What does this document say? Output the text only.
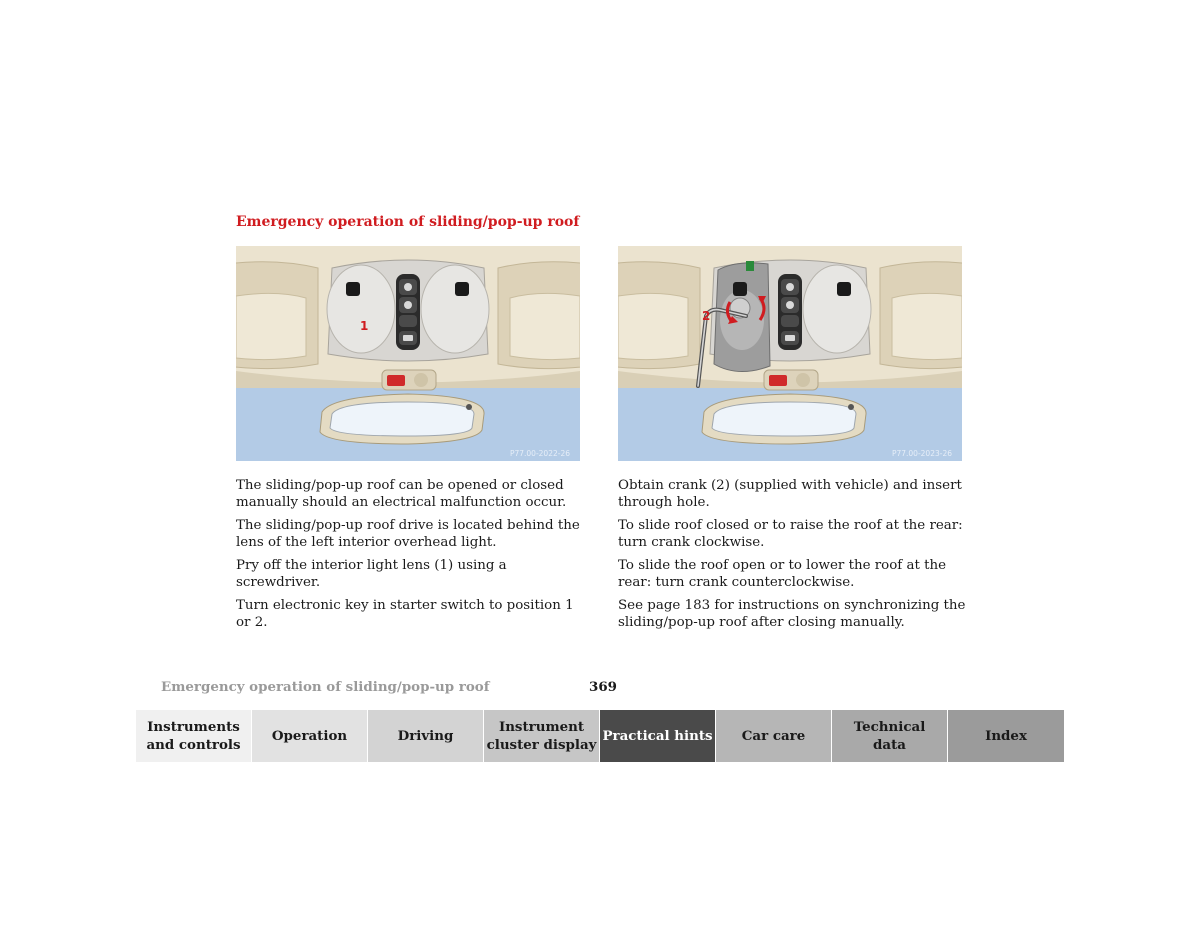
Emergency operation of sliding/pop-up roof
1
P77.00-2022-26
2
P77.00-2023-26

The sliding/pop-up roof can be opened or closed manually should an electrical malfunction occur.

The sliding/pop-up roof drive is located behind the lens of the left interior overhead light.

Pry off the interior light lens (1) using a screwdriver.

Turn electronic key in starter switch to position 1 or 2.

Obtain crank (2) (supplied with vehicle) and insert through hole.

To slide roof closed or to raise the roof at the rear: turn crank clockwise.

To slide the roof open or to lower the roof at the rear: turn crank counterclockwise.

See page 183 for instructions on synchronizing the sliding/pop-up roof after closing manually.

Emergency operation of sliding/pop-up roof	369
Instruments
and controls
Operation	Driving
Instrument
cluster display
Practical hints Car care
Technical
data
Index
